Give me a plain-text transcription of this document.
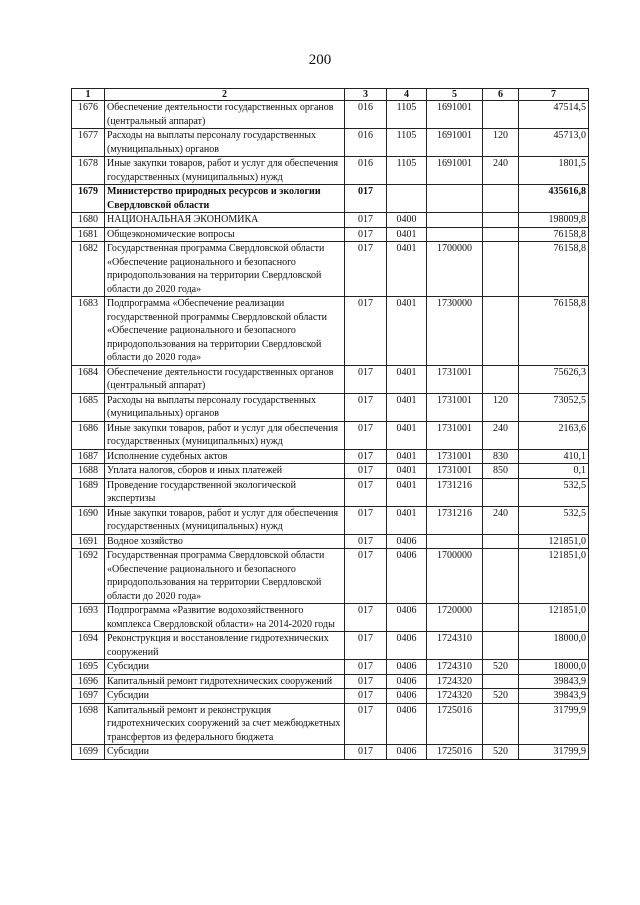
200
1	2	3	4	5	6	7
1676	Обеспечение деятельности государственных органов (центральный аппарат)	016	1105	1691001		47514,5
1677	Расходы на выплаты персоналу государственных (муниципальных) органов	016	1105	1691001	120	45713,0
1678	Иные закупки товаров, работ и услуг для обеспечения государственных (муниципальных) нужд	016	1105	1691001	240	1801,5
1679	Министерство природных ресурсов и экологии Свердловской области	017				435616,8
1680	НАЦИОНАЛЬНАЯ ЭКОНОМИКА	017	0400			198009,8
1681	Общеэкономические вопросы	017	0401			76158,8
1682	Государственная программа Свердловской области «Обеспечение рационального и безопасного природопользования на территории Свердловской области до 2020 года»	017	0401	1700000		76158,8
1683	Подпрограмма «Обеспечение реализации государственной программы Свердловской области «Обеспечение рационального и безопасного природопользования на территории Свердловской области до 2020 года»	017	0401	1730000		76158,8
1684	Обеспечение деятельности государственных органов (центральный аппарат)	017	0401	1731001		75626,3
1685	Расходы на выплаты персоналу государственных (муниципальных) органов	017	0401	1731001	120	73052,5
1686	Иные закупки товаров, работ и услуг для обеспечения государственных (муниципальных) нужд	017	0401	1731001	240	2163,6
1687	Исполнение судебных актов	017	0401	1731001	830	410,1
1688	Уплата налогов, сборов и иных платежей	017	0401	1731001	850	0,1
1689	Проведение государственной экологической экспертизы	017	0401	1731216		532,5
1690	Иные закупки товаров, работ и услуг для обеспечения государственных (муниципальных) нужд	017	0401	1731216	240	532,5
1691	Водное хозяйство	017	0406			121851,0
1692	Государственная программа Свердловской области «Обеспечение рационального и безопасного природопользования на территории Свердловской области до 2020 года»	017	0406	1700000		121851,0
1693	Подпрограмма «Развитие водохозяйственного комплекса Свердловской области» на 2014-2020 годы	017	0406	1720000		121851,0
1694	Реконструкция и восстановление гидротехнических сооружений	017	0406	1724310		18000,0
1695	Субсидии	017	0406	1724310	520	18000,0
1696	Капитальный ремонт гидротехнических сооружений	017	0406	1724320		39843,9
1697	Субсидии	017	0406	1724320	520	39843,9
1698	Капитальный ремонт и реконструкция гидротехнических сооружений за счет межбюджетных трансфертов из федерального бюджета	017	0406	1725016		31799,9
1699	Субсидии	017	0406	1725016	520	31799,9
